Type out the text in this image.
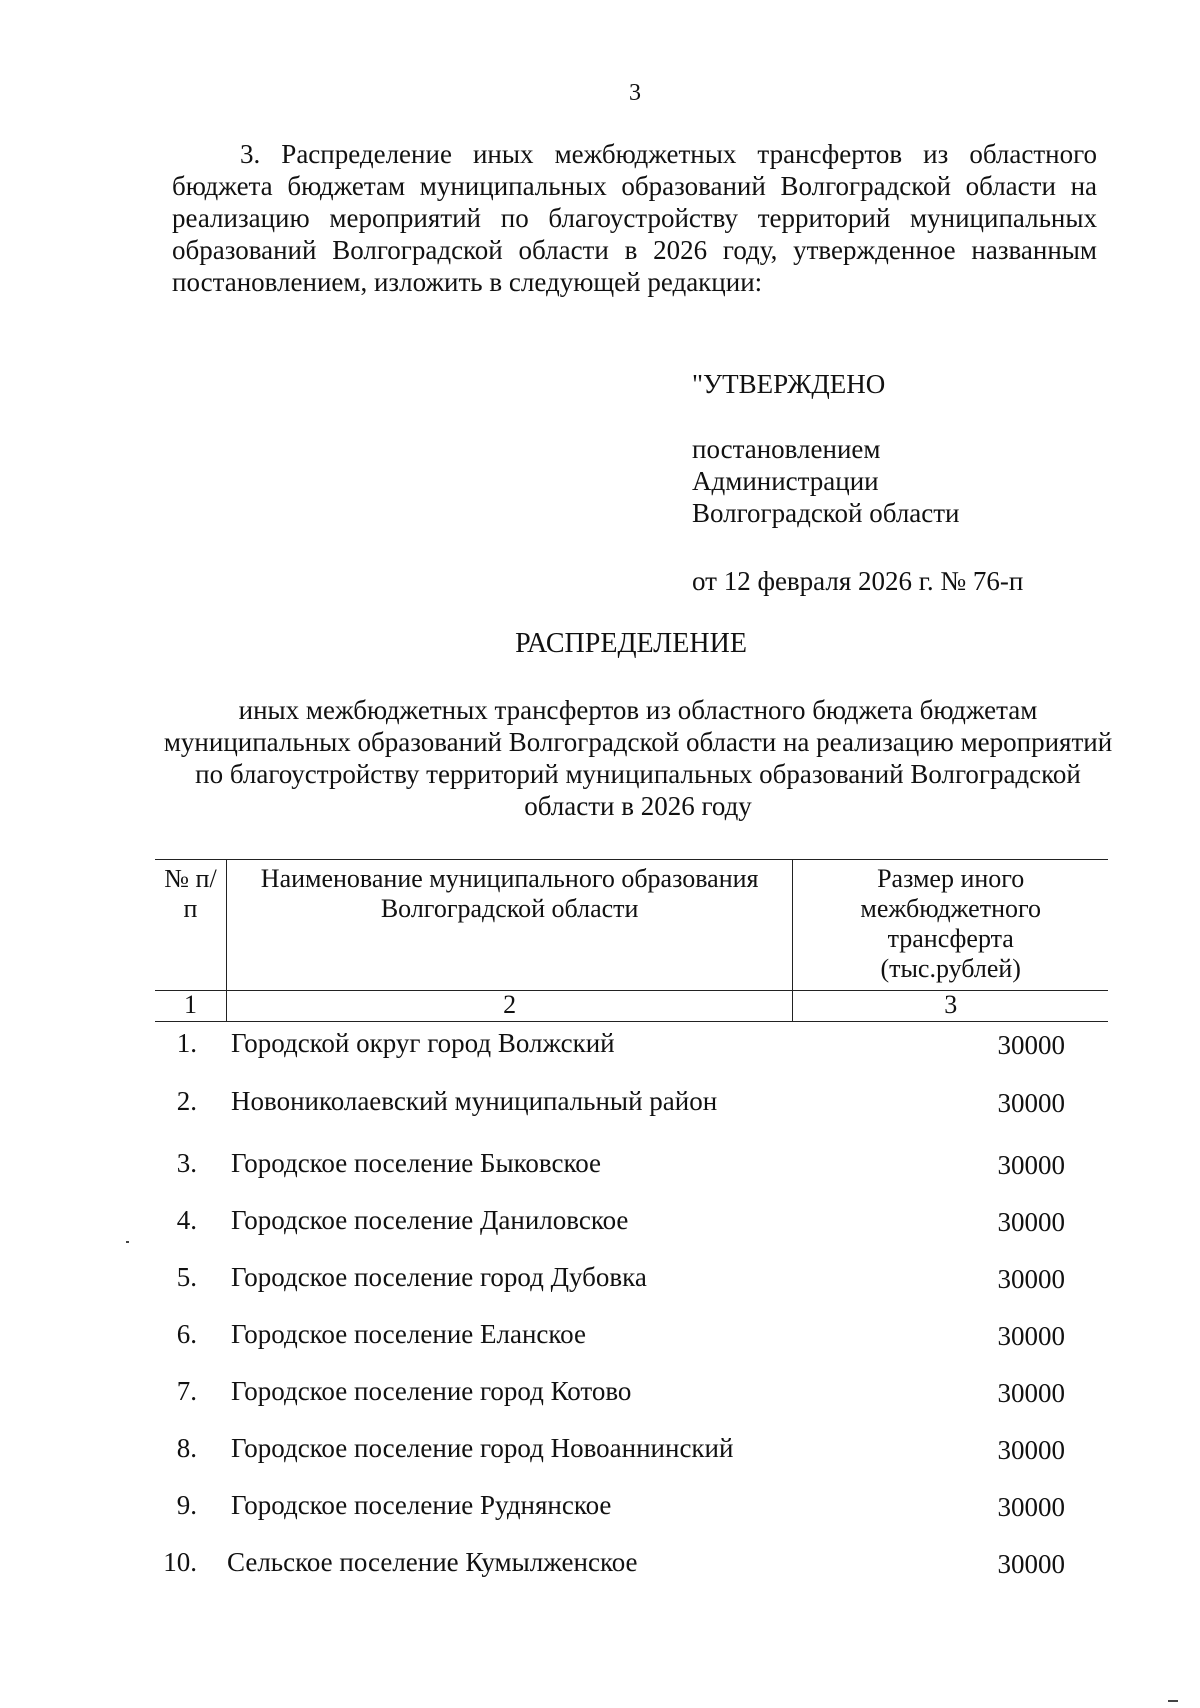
3

3. Распределение иных межбюджетных трансфертов из областного бюджета бюджетам муниципальных образований Волгоградской области на реализацию мероприятий по благоустройству территорий муниципальных образований Волгоградской области в 2026 году, утвержденное названным постановлением, изложить в следующей редакции:

"УТВЕРЖДЕНО
постановлением
Администрации
Волгоградской области
от 12 февраля 2026 г. № 76-п
РАСПРЕДЕЛЕНИЕ
иных межбюджетных трансфертов из областного бюджета бюджетам муниципальных образований Волгоградской области на реализацию мероприятий по благоустройству территорий муниципальных образований Волгоградской области в 2026 году
№ п/п	Наименование муниципального образования Волгоградской области	Размер иного межбюджетного трансферта (тыс.рублей)
1	2	3
1. Городской округ город Волжский	30000
2. Новониколаевский муниципальный район	30000
3. Городское поселение Быковское	30000
4. Городское поселение Даниловское	30000
5. Городское поселение город Дубовка	30000
6. Городское поселение Еланское	30000
7. Городское поселение город Котово	30000
8. Городское поселение город Новоаннинский	30000
9. Городское поселение Руднянское	30000
10. Сельское поселение Кумылженское	30000
